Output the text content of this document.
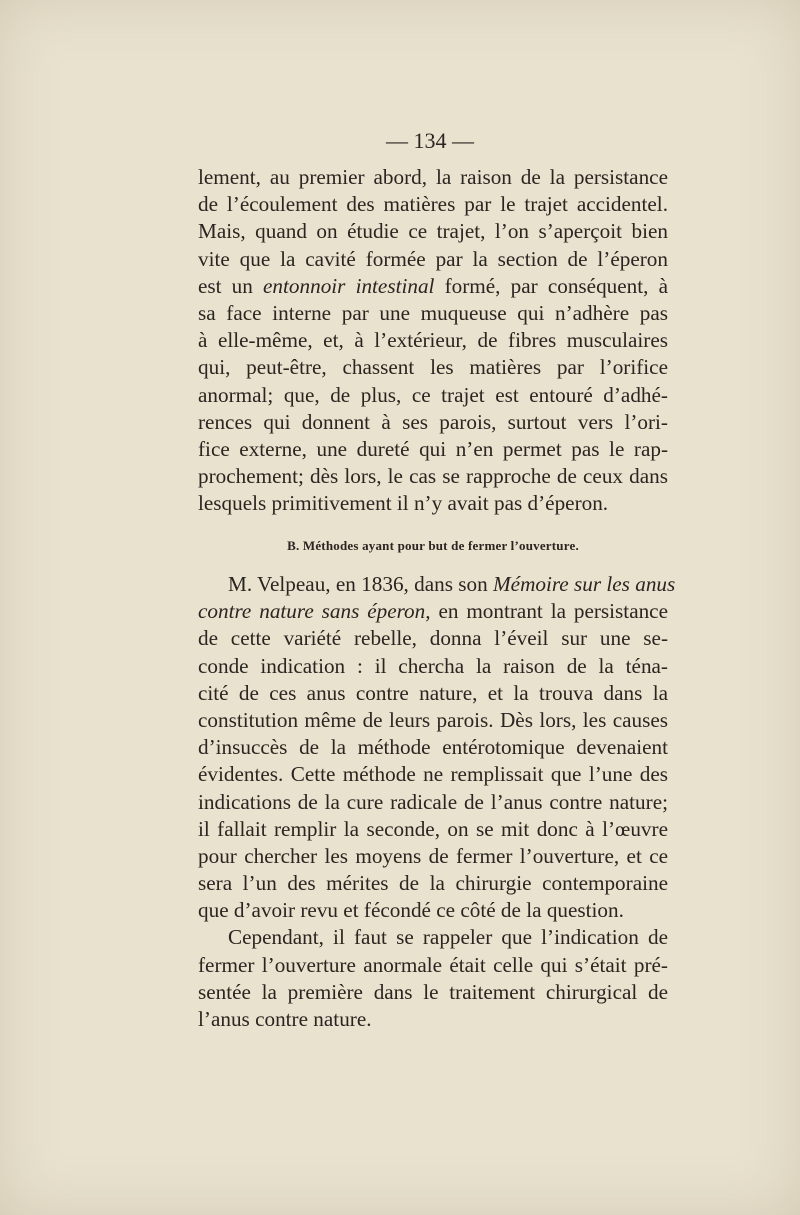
— 134 —
lement, au premier abord, la raison de la persistance
de l’écoulement des matières par le trajet accidentel.
Mais, quand on étudie ce trajet, l’on s’aperçoit bien
vite que la cavité formée par la section de l’éperon
est un entonnoir intestinal formé, par conséquent, à
sa face interne par une muqueuse qui n’adhère pas
à elle-même, et, à l’extérieur, de fibres musculaires
qui, peut-être, chassent les matières par l’orifice
anormal; que, de plus, ce trajet est entouré d’adhé-
rences qui donnent à ses parois, surtout vers l’ori-
fice externe, une dureté qui n’en permet pas le rap-
prochement; dès lors, le cas se rapproche de ceux dans
lesquels primitivement il n’y avait pas d’éperon.
B. Méthodes ayant pour but de fermer l’ouverture.
M. Velpeau, en 1836, dans son Mémoire sur les anus
contre nature sans éperon, en montrant la persistance
de cette variété rebelle, donna l’éveil sur une se-
conde indication : il chercha la raison de la téna-
cité de ces anus contre nature, et la trouva dans la
constitution même de leurs parois. Dès lors, les causes
d’insuccès de la méthode entérotomique devenaient
évidentes. Cette méthode ne remplissait que l’une des
indications de la cure radicale de l’anus contre nature;
il fallait remplir la seconde, on se mit donc à l’œuvre
pour chercher les moyens de fermer l’ouverture, et ce
sera l’un des mérites de la chirurgie contemporaine
que d’avoir revu et fécondé ce côté de la question.
Cependant, il faut se rappeler que l’indication de
fermer l’ouverture anormale était celle qui s’était pré-
sentée la première dans le traitement chirurgical de
l’anus contre nature.
